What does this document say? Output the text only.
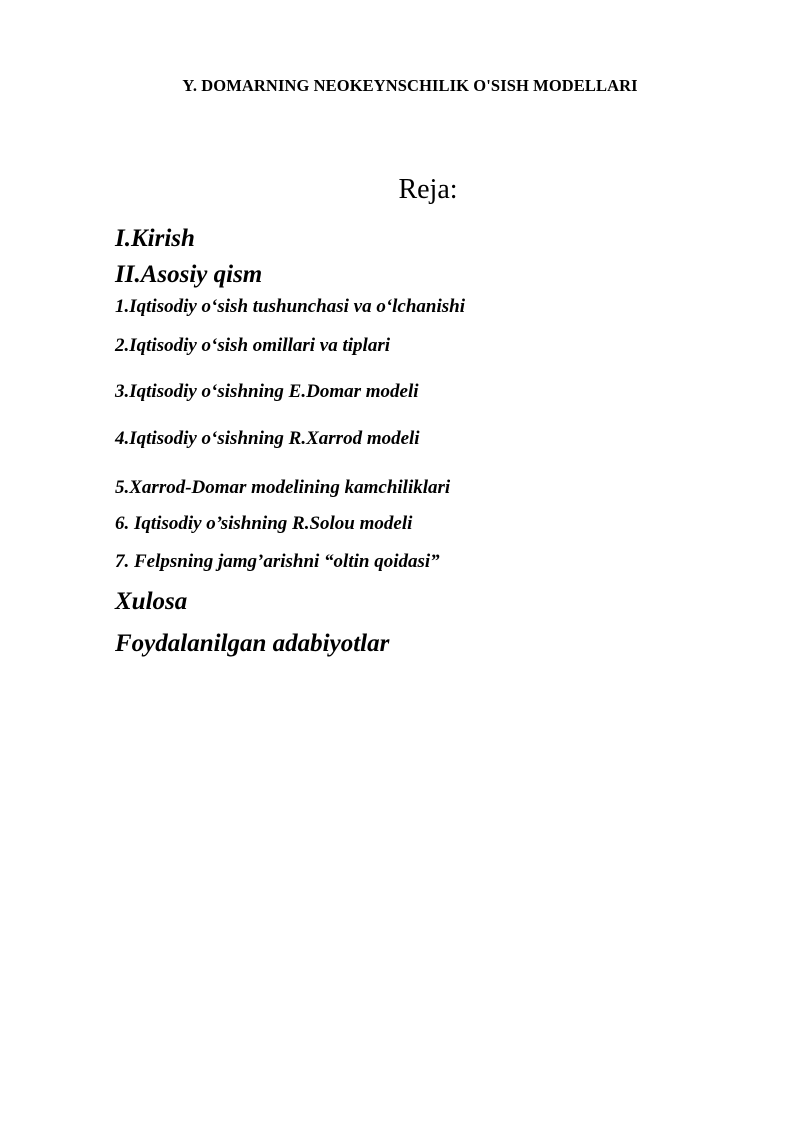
Y. DOMARNING NEOKEYNSCHILIK O'SISH MODELLARI
Reja:
I.Kirish
II.Asosiy qism
1.Iqtisodiy o‘sish tushunchasi va o‘lchanishi
2.Iqtisodiy o‘sish omillari va tiplari
3.Iqtisodiy o‘sishning E.Domar modeli
4.Iqtisodiy o‘sishning R.Xarrod modeli
5.Xarrod-Domar modelining kamchiliklari
6. Iqtisodiy o’sishning R.Solou modeli
7. Felpsning jamg’arishni “oltin qoidasi”
Xulosa
Foydalanilgan adabiyotlar
